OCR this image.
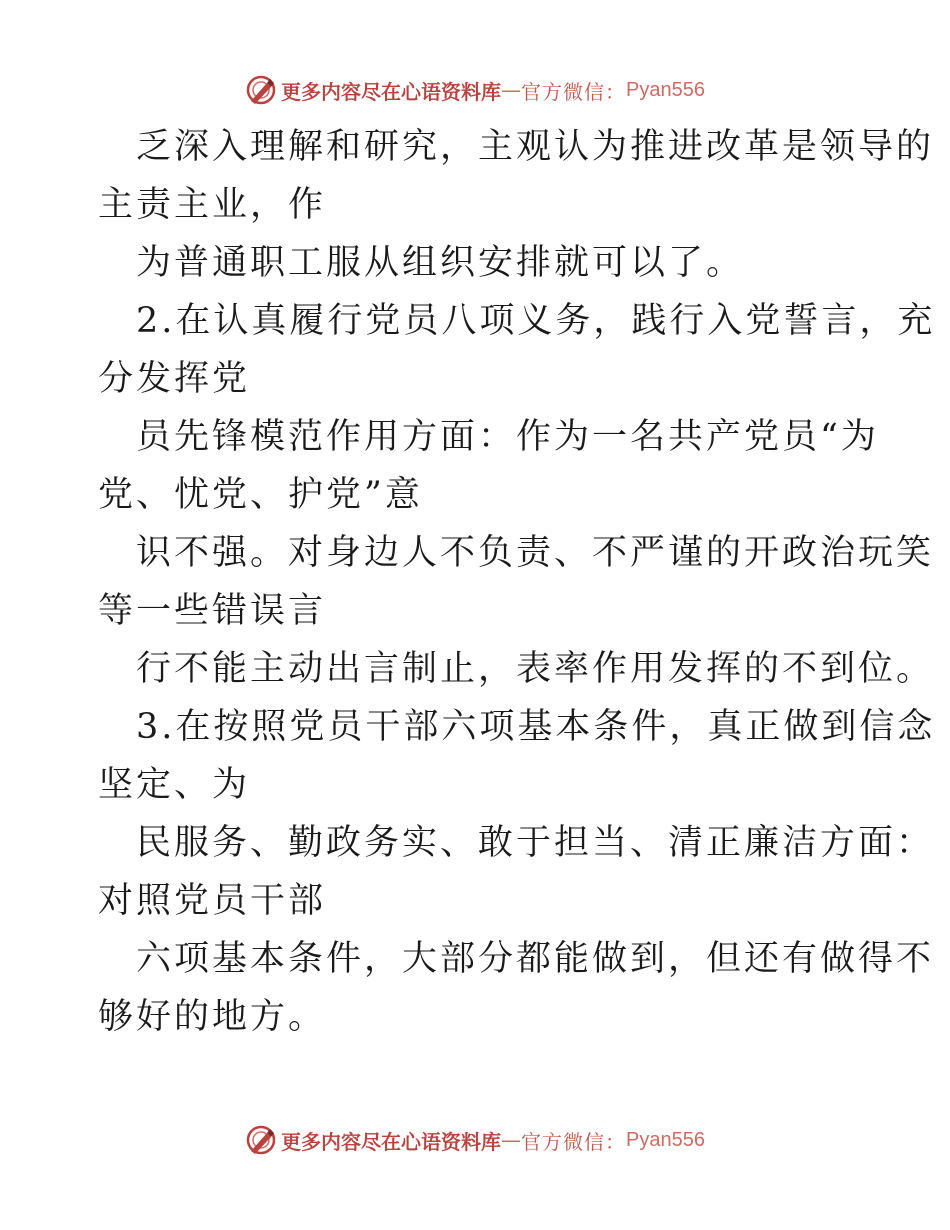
更多内容尽在心语资料库 — 官方微信： Pyan556
乏深入理解和研究，主观认为推进改革是领导的
主责主业，作
为普通职工服从组织安排就可以了。
2.在认真履行党员八项义务，践行入党誓言，充
分发挥党
员先锋模范作用方面：作为一名共产党员“为
党、忧党、护党”意
识不强。对身边人不负责、不严谨的开政治玩笑
等一些错误言
行不能主动出言制止，表率作用发挥的不到位。
3.在按照党员干部六项基本条件，真正做到信念
坚定、为
民服务、勤政务实、敢于担当、清正廉洁方面：
对照党员干部
六项基本条件，大部分都能做到，但还有做得不
够好的地方。
更多内容尽在心语资料库 — 官方微信： Pyan556
